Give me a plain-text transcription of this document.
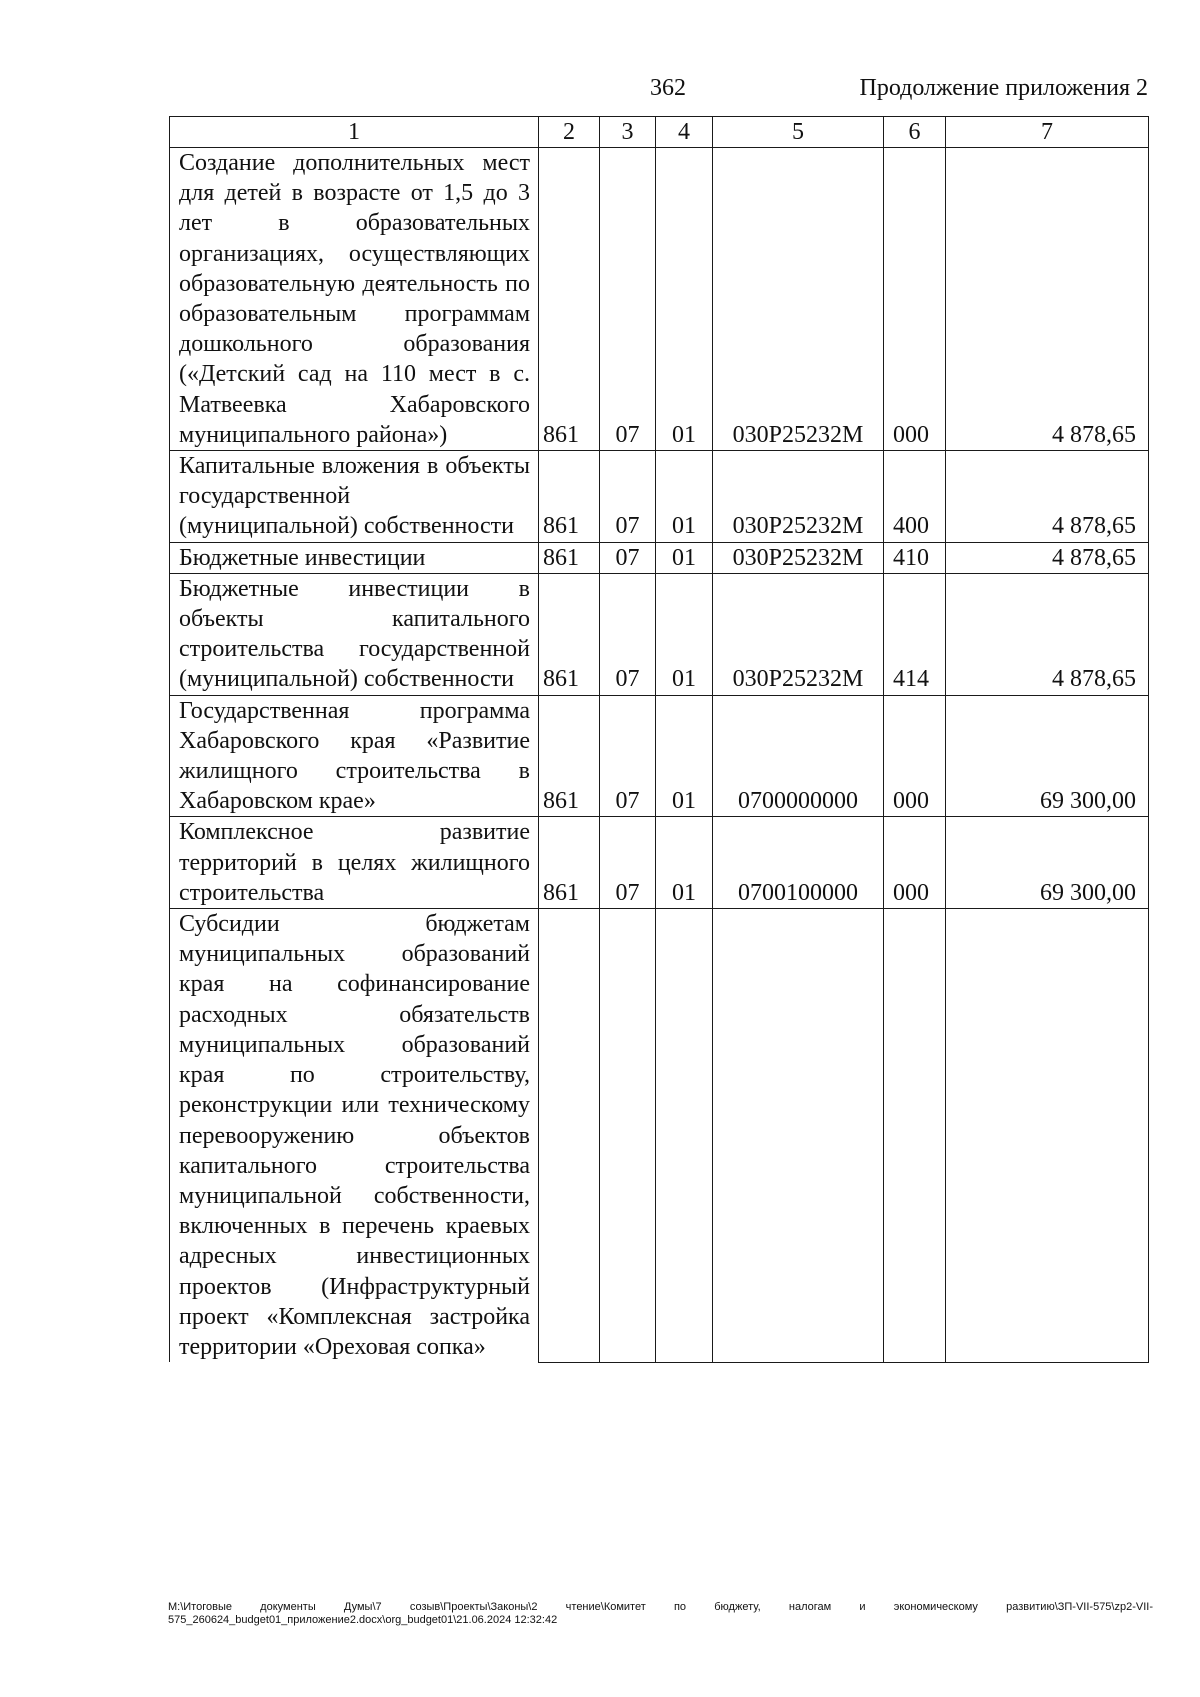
362	Продолжение приложения 2
1	2	3	4	5	6	7
Создание дополнительных мест для детей в возрасте от 1,5 до 3 лет в образовательных организациях, осуществляющих образовательную деятельность по образовательным программам дошкольного образования («Детский сад на 110 мест в с. Матвеевка Хабаровского муниципального района»)	861	07	01	030P25232M	000	4 878,65
Капитальные вложения в объекты государственной (муниципальной) собственности	861	07	01	030P25232M	400	4 878,65
Бюджетные инвестиции	861	07	01	030P25232M	410	4 878,65
Бюджетные инвестиции в объекты капитального строительства государственной (муниципальной) собственности	861	07	01	030P25232M	414	4 878,65
Государственная программа Хабаровского края «Развитие жилищного строительства в Хабаровском крае»	861	07	01	0700000000	000	69 300,00
Комплексное развитие территорий в целях жилищного строительства	861	07	01	0700100000	000	69 300,00
Субсидии бюджетам муниципальных образований края на софинансирование расходных обязательств муниципальных образований края по строительству, реконструкции или техническому перевооружению объектов капитального строительства муниципальной собственности, включенных в перечень краевых адресных инвестиционных проектов (Инфраструктурный проект «Комплексная застройка территории «Ореховая сопка»						
M:\Итоговые документы Думы\7 созыв\Проекты\Законы\2 чтение\Комитет по бюджету, налогам и экономическому развитию\ЗП-VII-575\zp2-VII-575_260624_budget01_приложение2.docx\org_budget01\21.06.2024 12:32:42
